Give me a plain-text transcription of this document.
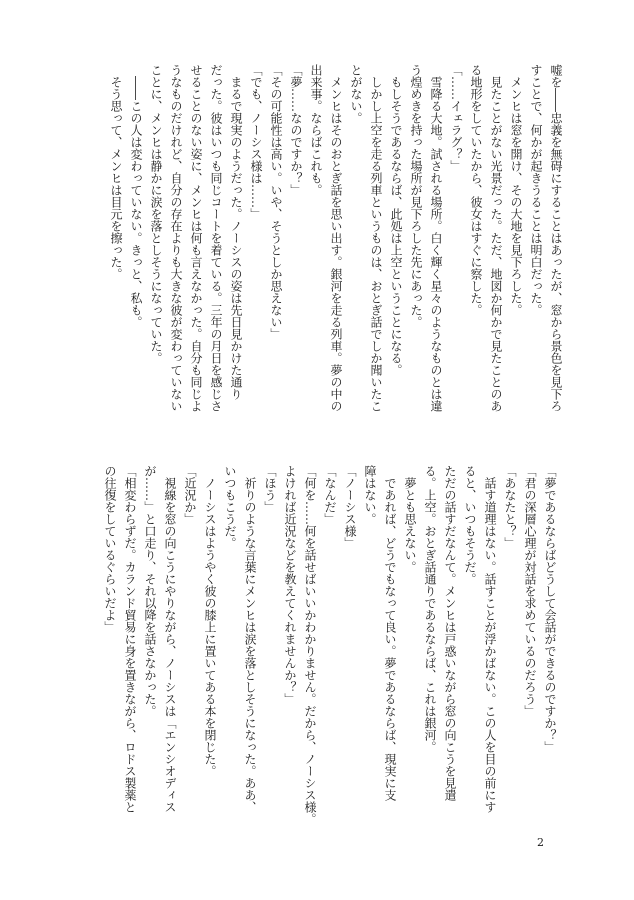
嘘を――忠義を無碍にすることはあったが、窓から景色を見下ろ
すことで、何かが起きうることは明白だった。
　メンヒは窓を開け、その大地を見下ろした。
　見たことがない光景だった。ただ、地図か何かで見たことのあ
る地形をしていたから、彼女はすぐに察した。
「……イェラグ？」
　雪降る大地。試される場所。白く輝く星々のようなものとは違
う煌めきを持った場所が見下ろした先にあった。
　もしそうであるならば、此処は上空ということになる。
　しかし上空を走る列車というものは、おとぎ話でしか聞いたこ
とがない。
　メンヒはそのおとぎ話を思い出す。銀河を走る列車。夢の中の
出来事。ならばこれも。
「夢……なのですか？」
「その可能性は高い。いや、そうとしか思えない」
「でも、ノーシス様は……」
　まるで現実のようだった。ノーシスの姿は先日見かけた通り
だった。彼はいつも同じコートを着ている。三年の月日を感じさ
せることのない姿に、メンヒは何も言えなかった。自分も同じよ
うなものだけれど、自分の存在よりも大きな彼が変わっていない
ことに、メンヒは静かに涙を落としそうになっていた。
　――この人は変わっていない。きっと、私も。
　そう思って、メンヒは目元を擦った。
「夢であるならばどうして会話ができるのですか？」
「君の深層心理が対話を求めているのだろう」
「あなたと？」
　話す道理はない。話すことが浮かばない。この人を目の前にす
ると、いつもそうだ。
ただの話すだなんて。メンヒは戸惑いながら窓の向こうを見遣
る。上空。おとぎ話通りであるならば、これは銀河。
　夢とも思えない。
　であれば、どうでもなって良い。夢であるならば、現実に支
障はない。
「ノーシス様」
「なんだ」
「何を……何を話せばいいかわかりません。だから、ノーシス様。
よければ近況などを教えてくれませんか？」
「ほう」
　祈りのような言葉にメンヒは涙を落としそうになった。ああ、
いつもこうだ。
　ノーシスはようやく彼の膝上に置いてある本を閉じた。
「近況か」
　視線を窓の向こうにやりながら、ノーシスは「エンシオディス
が……」と口走り、それ以降を話さなかった。
「相変わらずだ。カランド貿易に身を置きながら、ロドス製薬と
の往復をしているぐらいだよ」
2
